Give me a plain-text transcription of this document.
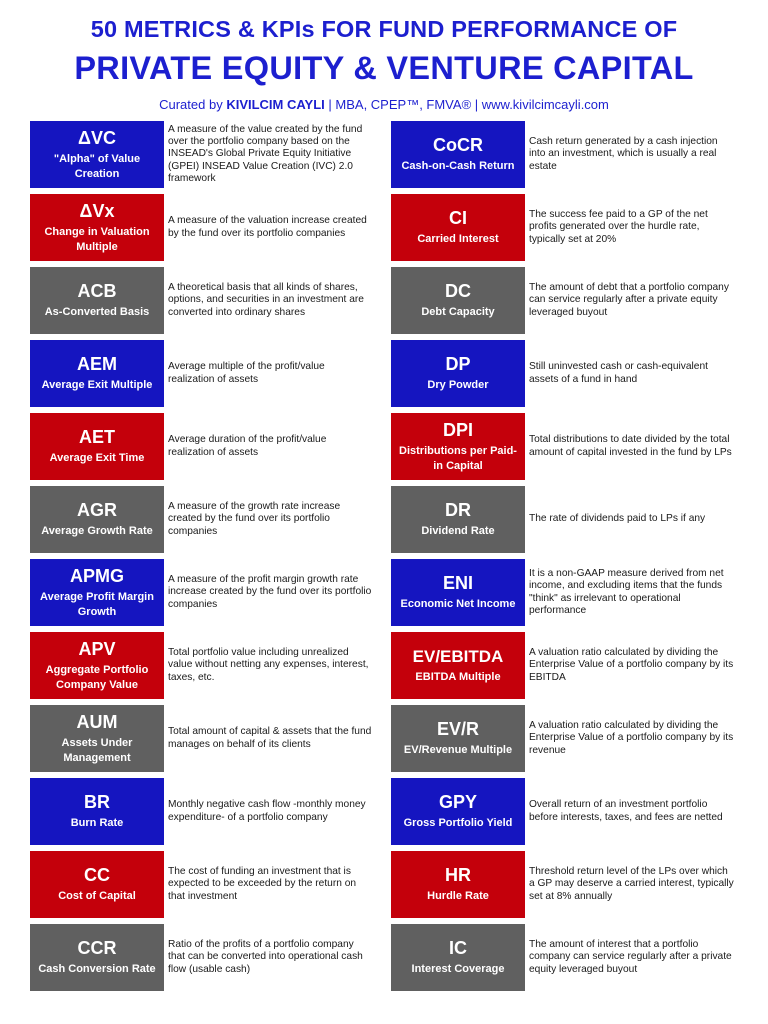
50 METRICS & KPIs FOR FUND PERFORMANCE OF
PRIVATE EQUITY & VENTURE CAPITAL
Curated by KIVILCIM CAYLI | MBA, CPEP™, FMVA® | www.kivilcimcayli.com
ΔVC
"Alpha" of Value Creation
A measure of the value created by the fund over the portfolio company based on the INSEAD's Global Private Equity Initiative (GPEI) INSEAD Value Creation (IVC) 2.0 framework
ΔVx
Change in Valuation Multiple
A measure of the valuation increase created by the fund over its portfolio companies
ACB
As-Converted Basis
A theoretical basis that all kinds of shares, options, and securities in an investment are converted into ordinary shares
AEM
Average Exit Multiple
Average multiple of the profit/value realization of assets
AET
Average Exit Time
Average duration of the profit/value realization of assets
AGR
Average Growth Rate
A measure of the growth rate increase created by the fund over its portfolio companies
APMG
Average Profit Margin Growth
A measure of the profit margin growth rate increase created by the fund over its portfolio companies
APV
Aggregate Portfolio Company Value
Total portfolio value including unrealized value without netting any expenses, interest, taxes, etc.
AUM
Assets Under Management
Total amount of capital & assets that the fund manages on behalf of its clients
BR
Burn Rate
Monthly negative cash flow -monthly money expenditure- of a portfolio company
CC
Cost of Capital
The cost of funding an investment that is expected to be exceeded by the return on that investment
CCR
Cash Conversion Rate
Ratio of the profits of a portfolio company that can be converted into operational cash flow (usable cash)
CoCR
Cash-on-Cash Return
Cash return generated by a cash injection into an investment, which is usually a real estate
CI
Carried Interest
The success fee paid to a GP of the net profits generated over the hurdle rate, typically set at 20%
DC
Debt Capacity
The amount of debt that a portfolio company can service regularly after a private equity leveraged buyout
DP
Dry Powder
Still uninvested cash or cash-equivalent assets of a fund in hand
DPI
Distributions per Paid-in Capital
Total distributions to date divided by the total amount of capital invested in the fund by LPs
DR
Dividend Rate
The rate of dividends paid to LPs if any
ENI
Economic Net Income
It is a non-GAAP measure derived from net income, and excluding items that the funds "think" as irrelevant to operational performance
EV/EBITDA
EBITDA Multiple
A valuation ratio calculated by dividing the Enterprise Value of a portfolio company by its EBITDA
EV/R
EV/Revenue Multiple
A valuation ratio calculated by dividing the Enterprise Value of a portfolio company by its revenue
GPY
Gross Portfolio Yield
Overall return of an investment portfolio before interests, taxes, and fees are netted
HR
Hurdle Rate
Threshold return level of the LPs over which a GP may deserve a carried interest, typically set at 8% annually
IC
Interest Coverage
The amount of interest that a portfolio company can service regularly after a private equity leveraged buyout
